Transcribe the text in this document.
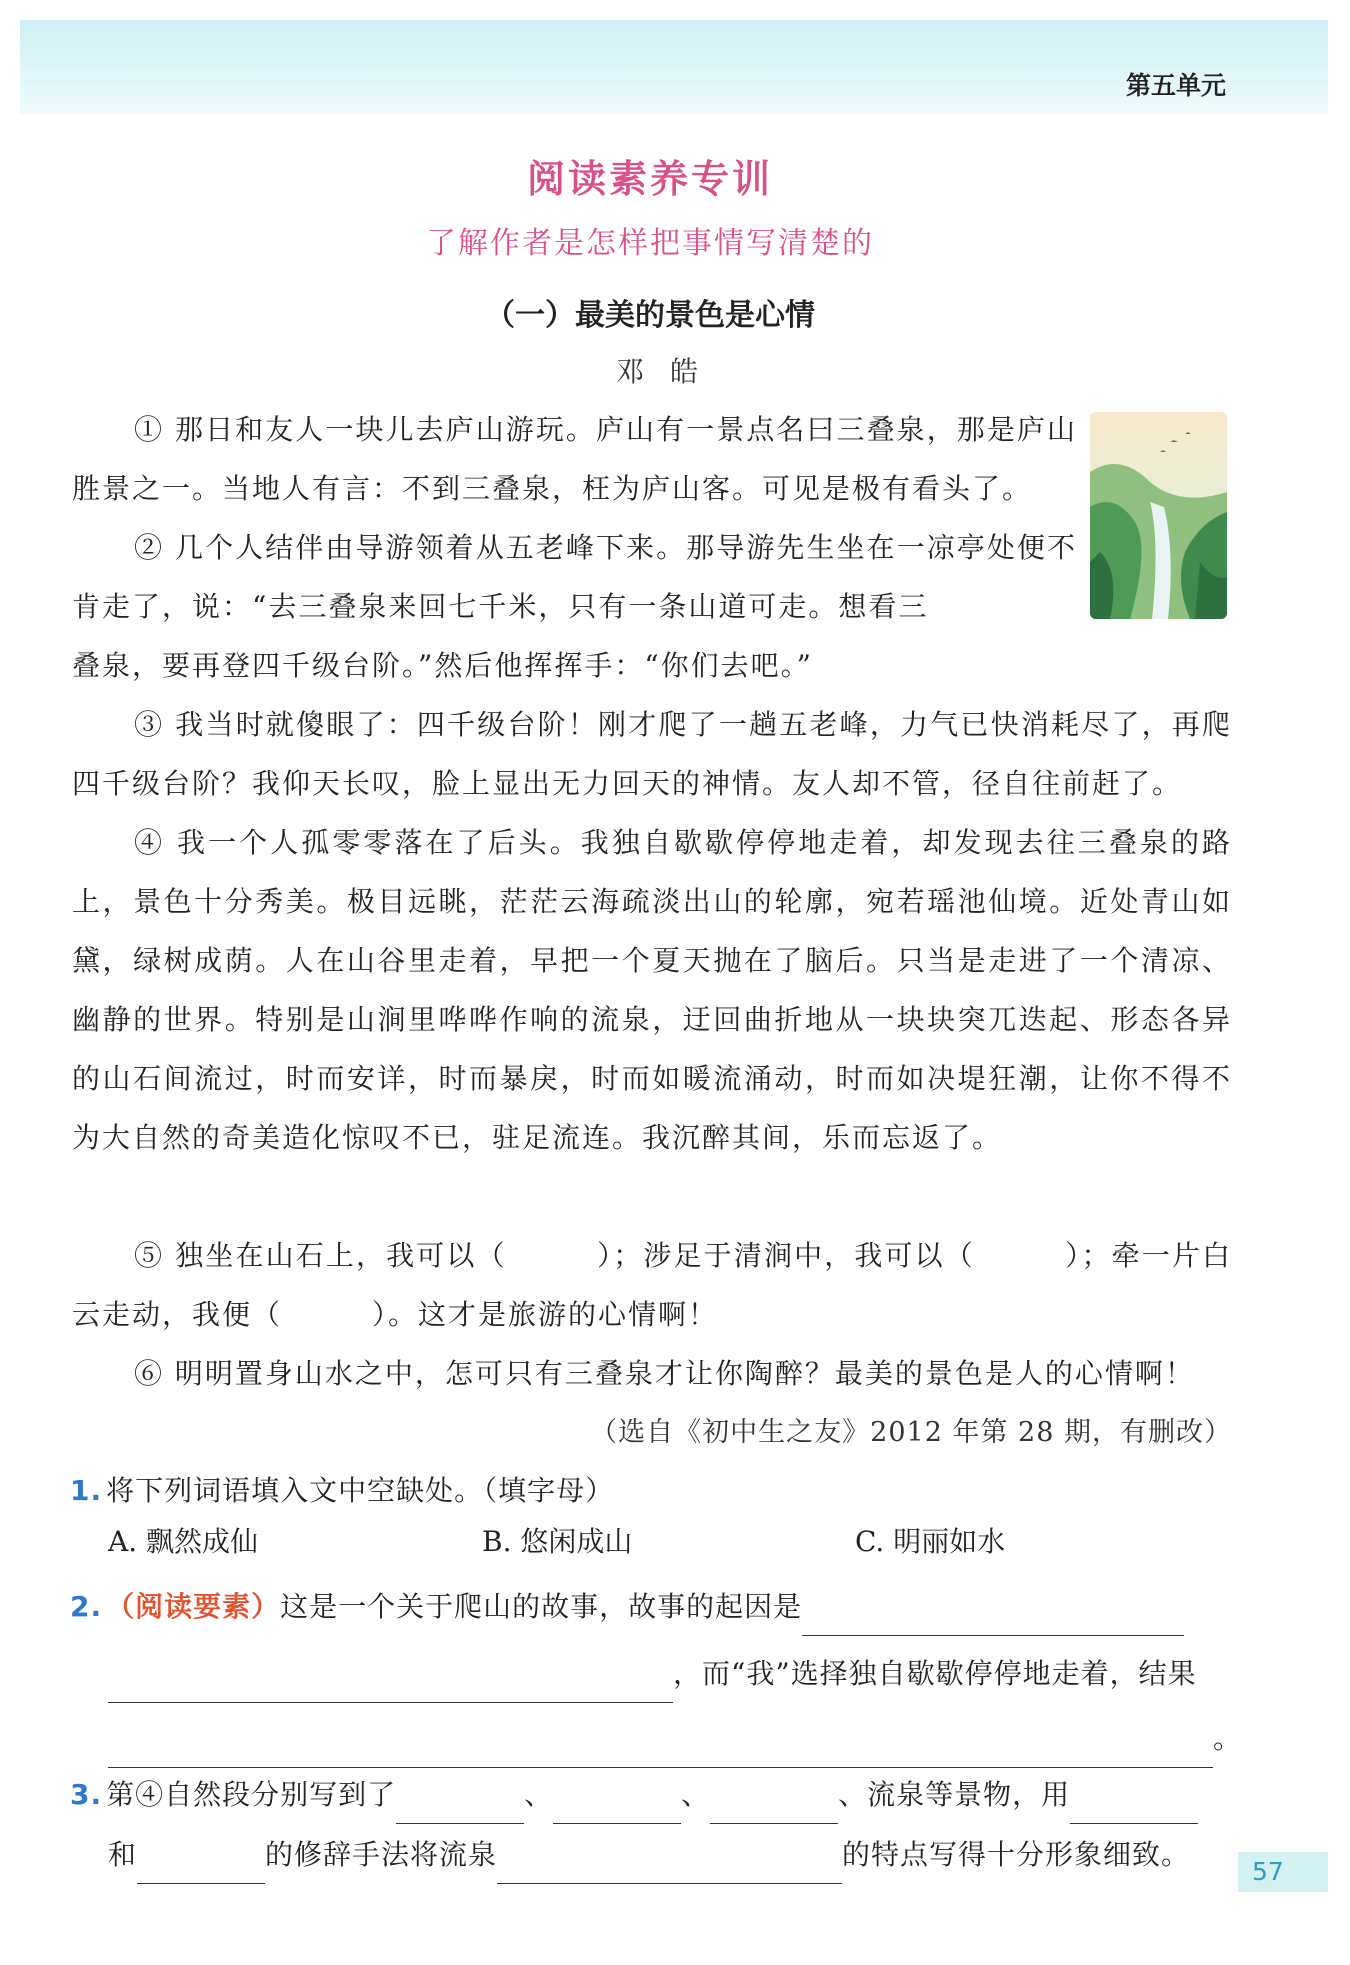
第五单元
阅读素养专训
了解作者是怎样把事情写清楚的
（一）最美的景色是心情
邓皓
① 那日和友人一块儿去庐山游玩。庐山有一景点名曰三叠泉，那是庐山胜景之一。当地人有言：不到三叠泉，枉为庐山客。可见是极有看头了。
② 几个人结伴由导游领着从五老峰下来。那导游先生坐在一凉亭处便不肯走了，说：“去三叠泉来回七千米，只有一条山道可走。想看三
叠泉，要再登四千级台阶。”然后他挥挥手：“你们去吧。”
③ 我当时就傻眼了：四千级台阶！刚才爬了一趟五老峰，力气已快消耗尽了，再爬四千级台阶？我仰天长叹，脸上显出无力回天的神情。友人却不管，径自往前赶了。
④ 我一个人孤零零落在了后头。我独自歇歇停停地走着，却发现去往三叠泉的路上，景色十分秀美。极目远眺，茫茫云海疏淡出山的轮廓，宛若瑶池仙境。近处青山如黛，绿树成荫。人在山谷里走着，早把一个夏天抛在了脑后。只当是走进了一个清凉、幽静的世界。特别是山涧里哗哗作响的流泉，迂回曲折地从一块块突兀迭起、形态各异的山石间流过，时而安详，时而暴戾，时而如暖流涌动，时而如决堤狂潮，让你不得不为大自然的奇美造化惊叹不已，驻足流连。我沉醉其间，乐而忘返了。
⑤ 独坐在山石上，我可以（　　　）；涉足于清涧中，我可以（　　　）；牵一片白云走动，我便（　　　）。这才是旅游的心情啊！
⑥ 明明置身山水之中，怎可只有三叠泉才让你陶醉？最美的景色是人的心情啊！
（选自《初中生之友》2012 年第 28 期，有删改）
1. 将下列词语填入文中空缺处。（填字母）
A. 飘然成仙	B. 悠闲成山	C. 明丽如水
2. （阅读要素）这是一个关于爬山的故事，故事的起因是
，而“我”选择独自歇歇停停地走着，结果
。
3. 第④自然段分别写到了	、	、	、流泉等景物，用
和	的修辞手法将流泉	的特点写得十分形象细致。
57
